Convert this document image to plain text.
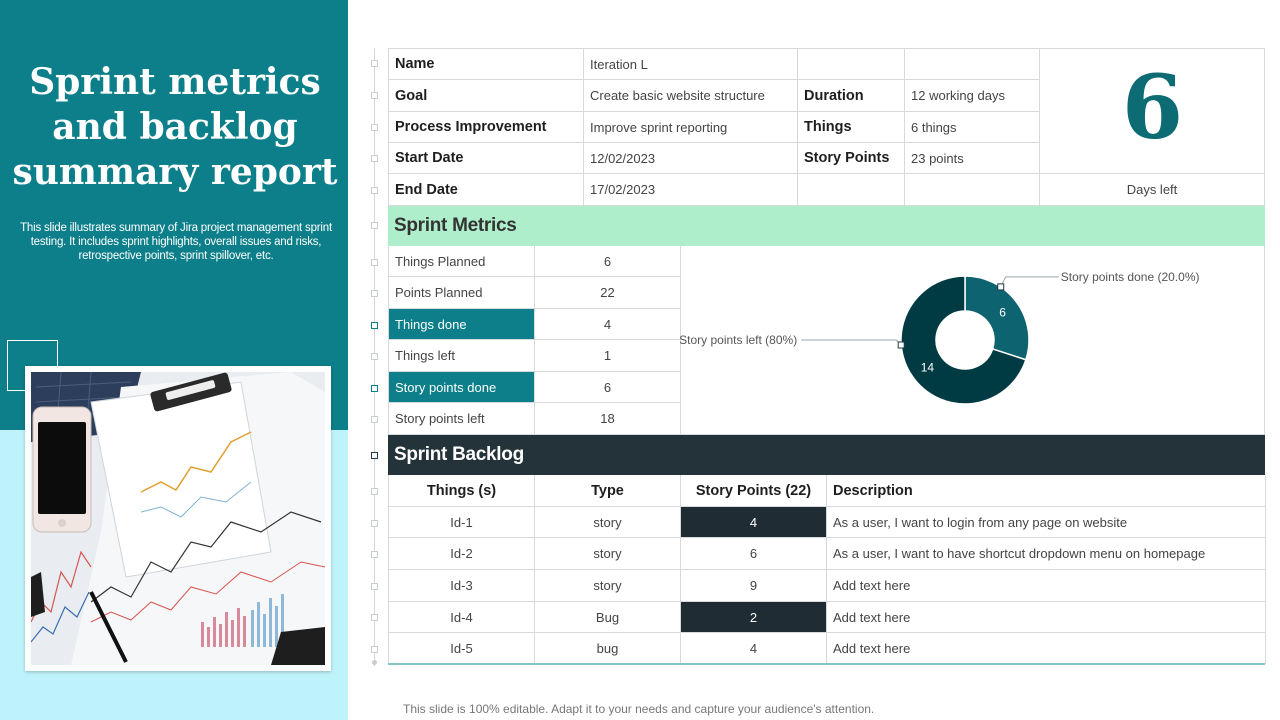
Sprint metrics
and backlog
summary report
This slide illustrates summary of Jira project management sprint testing. It includes sprint highlights, overall issues and risks, retrospective points, sprint spillover, etc.
Name	Iteration L
Goal	Create basic website structure	Duration	12 working days
Process Improvement	Improve sprint reporting	Things	6 things
Start Date	12/02/2023	Story Points	23 points
End Date	17/02/2023
6
Days left
Sprint Metrics
Things Planned	6
Points Planned	22
Things done	4
Things left	1
Story points done	6
Story points left	18
6
14
Story points done (20.0%)
Story points left (80%)
Sprint Backlog
Things (s)	Type	Story Points (22)	Description
Id-1	story	4	As a user, I want to login from any page on website
Id-2	story	6	As a user, I want to have shortcut dropdown menu on homepage
Id-3	story	9	Add text here
Id-4	Bug	2	Add text here
Id-5	bug	4	Add text here
This slide is 100% editable. Adapt it to your needs and capture your audience's attention.
